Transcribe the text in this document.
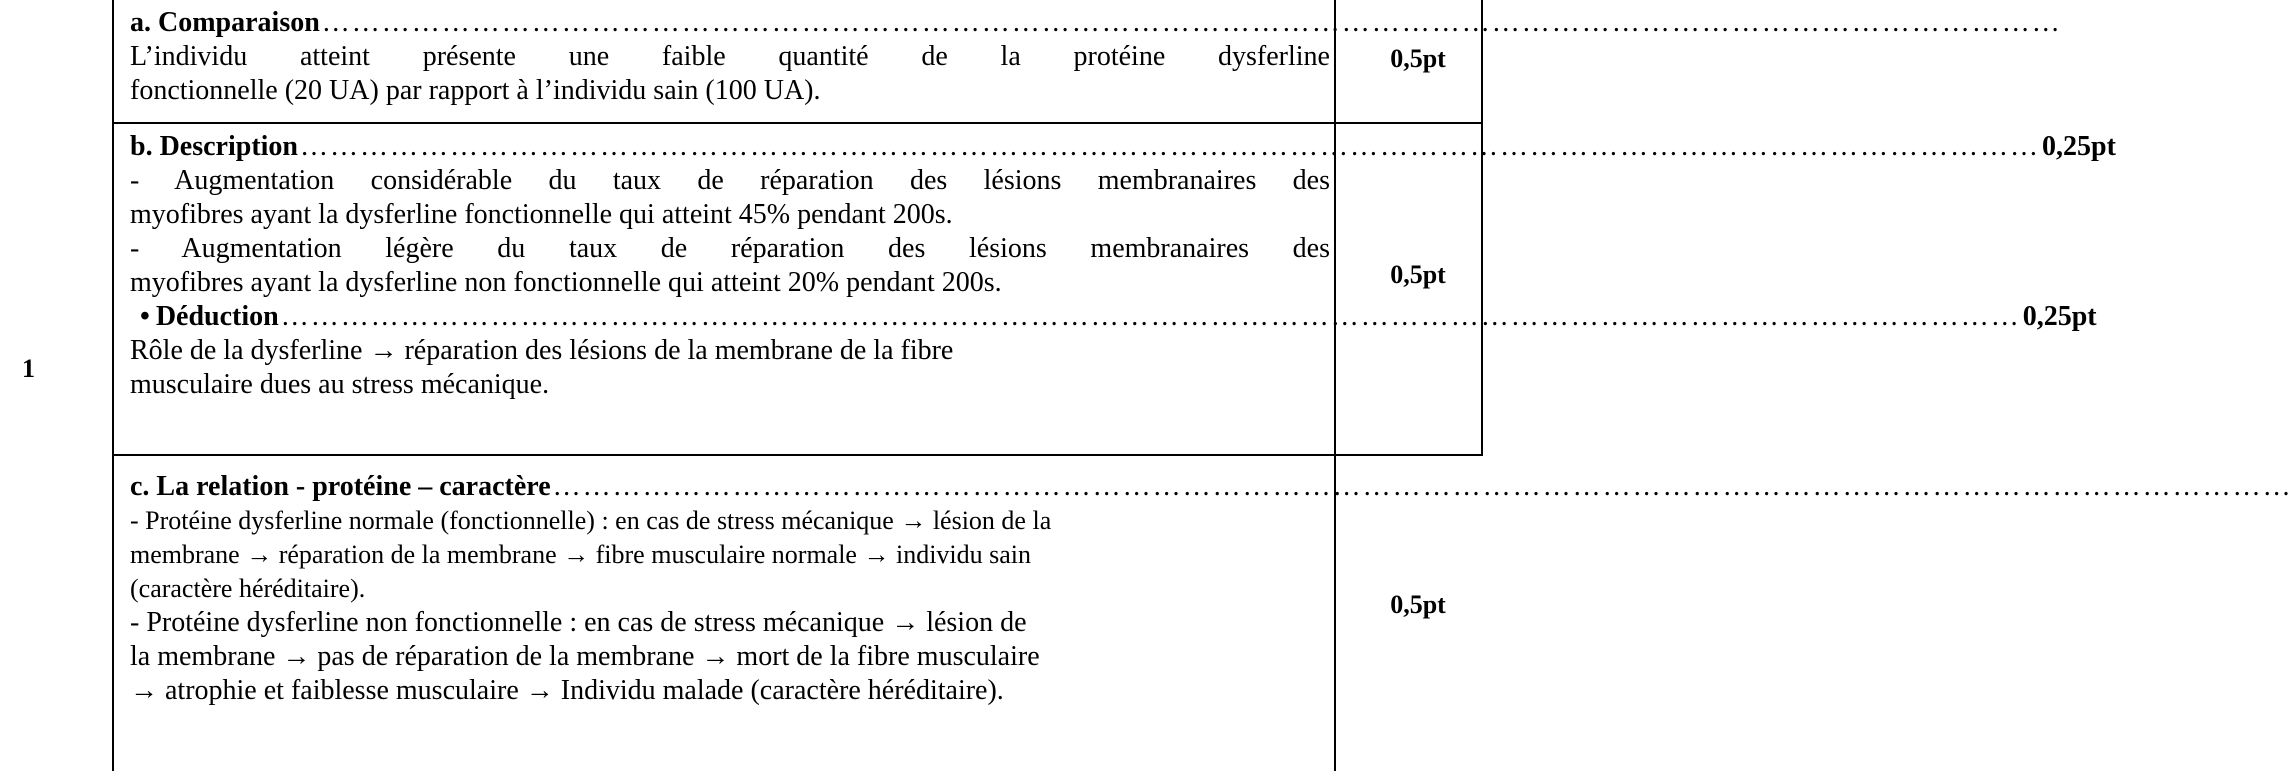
1

a. Comparaison …………………………………………………………………………………………………………………………………………………………

L’individu atteint présente une faible quantité de la protéine dysferline

fonctionnelle (20 UA) par rapport à l’individu sain (100 UA).

0,5pt

b. Description ………………………………………………………………………………………………………………………………………………………… 0,25pt

- Augmentation considérable du taux de réparation des lésions membranaires des

myofibres ayant la dysferline fonctionnelle qui atteint 45% pendant 200s.

- Augmentation légère du taux de réparation des lésions membranaires des

myofibres ayant la dysferline non fonctionnelle qui atteint 20% pendant 200s.

• Déduction ………………………………………………………………………………………………………………………………………………………… 0,25pt

Rôle de la dysferline → réparation des lésions de la membrane de la fibre

musculaire dues au stress mécanique.

0,5pt

c. La relation - protéine – caractère …………………………………………………………………………………………………………………………………………………………

- Protéine dysferline normale (fonctionnelle) : en cas de stress mécanique → lésion de la

membrane → réparation de la membrane → fibre musculaire normale → individu sain

(caractère héréditaire).

- Protéine dysferline non fonctionnelle : en cas de stress mécanique → lésion de

la membrane → pas de réparation de la membrane → mort de la fibre musculaire

→ atrophie et faiblesse musculaire → Individu malade (caractère héréditaire).

0,5pt
